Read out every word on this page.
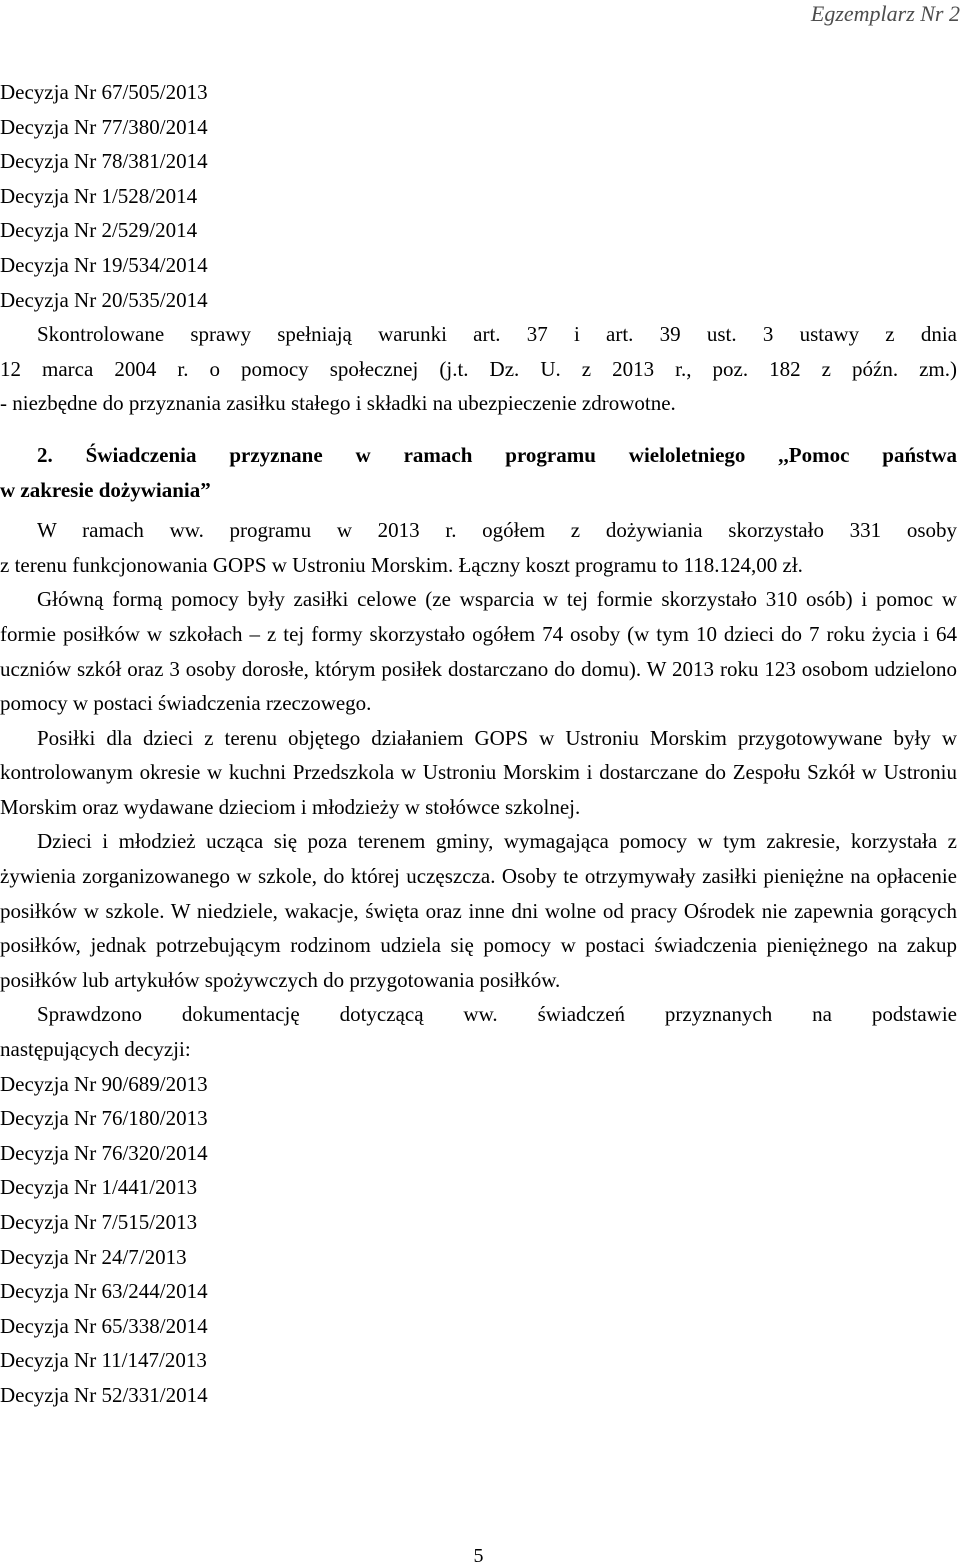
Egzemplarz Nr 2
Decyzja Nr 67/505/2013
Decyzja Nr 77/380/2014
Decyzja Nr 78/381/2014
Decyzja Nr 1/528/2014
Decyzja Nr 2/529/2014
Decyzja Nr 19/534/2014
Decyzja Nr 20/535/2014
Skontrolowane sprawy spełniają warunki art. 37 i art. 39 ust. 3 ustawy z dnia
12 marca 2004 r. o pomocy społecznej (j.t. Dz. U. z 2013 r., poz. 182 z późn. zm.)
- niezbędne do przyznania zasiłku stałego i składki na ubezpieczenie zdrowotne.
2. Świadczenia przyznane w ramach programu wieloletniego ,,Pomoc państwa
w zakresie dożywiania”
W ramach ww. programu w 2013 r. ogółem z dożywiania skorzystało 331 osoby
z terenu funkcjonowania GOPS w Ustroniu Morskim. Łączny koszt programu to 118.124,00 zł.
Główną formą pomocy były zasiłki celowe (ze wsparcia w tej formie skorzystało 310 osób) i pomoc w formie posiłków w szkołach – z tej formy skorzystało ogółem 74 osoby (w tym 10 dzieci do 7 roku życia i 64 uczniów szkół oraz 3 osoby dorosłe, którym posiłek dostarczano do domu). W 2013 roku 123 osobom udzielono pomocy w postaci świadczenia rzeczowego.
Posiłki dla dzieci z terenu objętego działaniem GOPS w Ustroniu Morskim przygotowywane były w kontrolowanym okresie w kuchni Przedszkola w Ustroniu Morskim i dostarczane do Zespołu Szkół w Ustroniu Morskim oraz wydawane dzieciom i młodzieży w stołówce szkolnej.
Dzieci i młodzież ucząca się poza terenem gminy, wymagająca pomocy w tym zakresie, korzystała z żywienia zorganizowanego w szkole, do której uczęszcza. Osoby te otrzymywały zasiłki pieniężne na opłacenie posiłków w szkole. W niedziele, wakacje, święta oraz inne dni wolne od pracy Ośrodek nie zapewnia gorących posiłków, jednak potrzebującym rodzinom udziela się pomocy w postaci świadczenia pieniężnego na zakup posiłków lub artykułów spożywczych do przygotowania posiłków.
Sprawdzono dokumentację dotyczącą ww. świadczeń przyznanych na podstawie
następujących decyzji:
Decyzja Nr 90/689/2013
Decyzja Nr 76/180/2013
Decyzja Nr 76/320/2014
Decyzja Nr 1/441/2013
Decyzja Nr 7/515/2013
Decyzja Nr 24/7/2013
Decyzja Nr 63/244/2014
Decyzja Nr 65/338/2014
Decyzja Nr 11/147/2013
Decyzja Nr 52/331/2014
5
